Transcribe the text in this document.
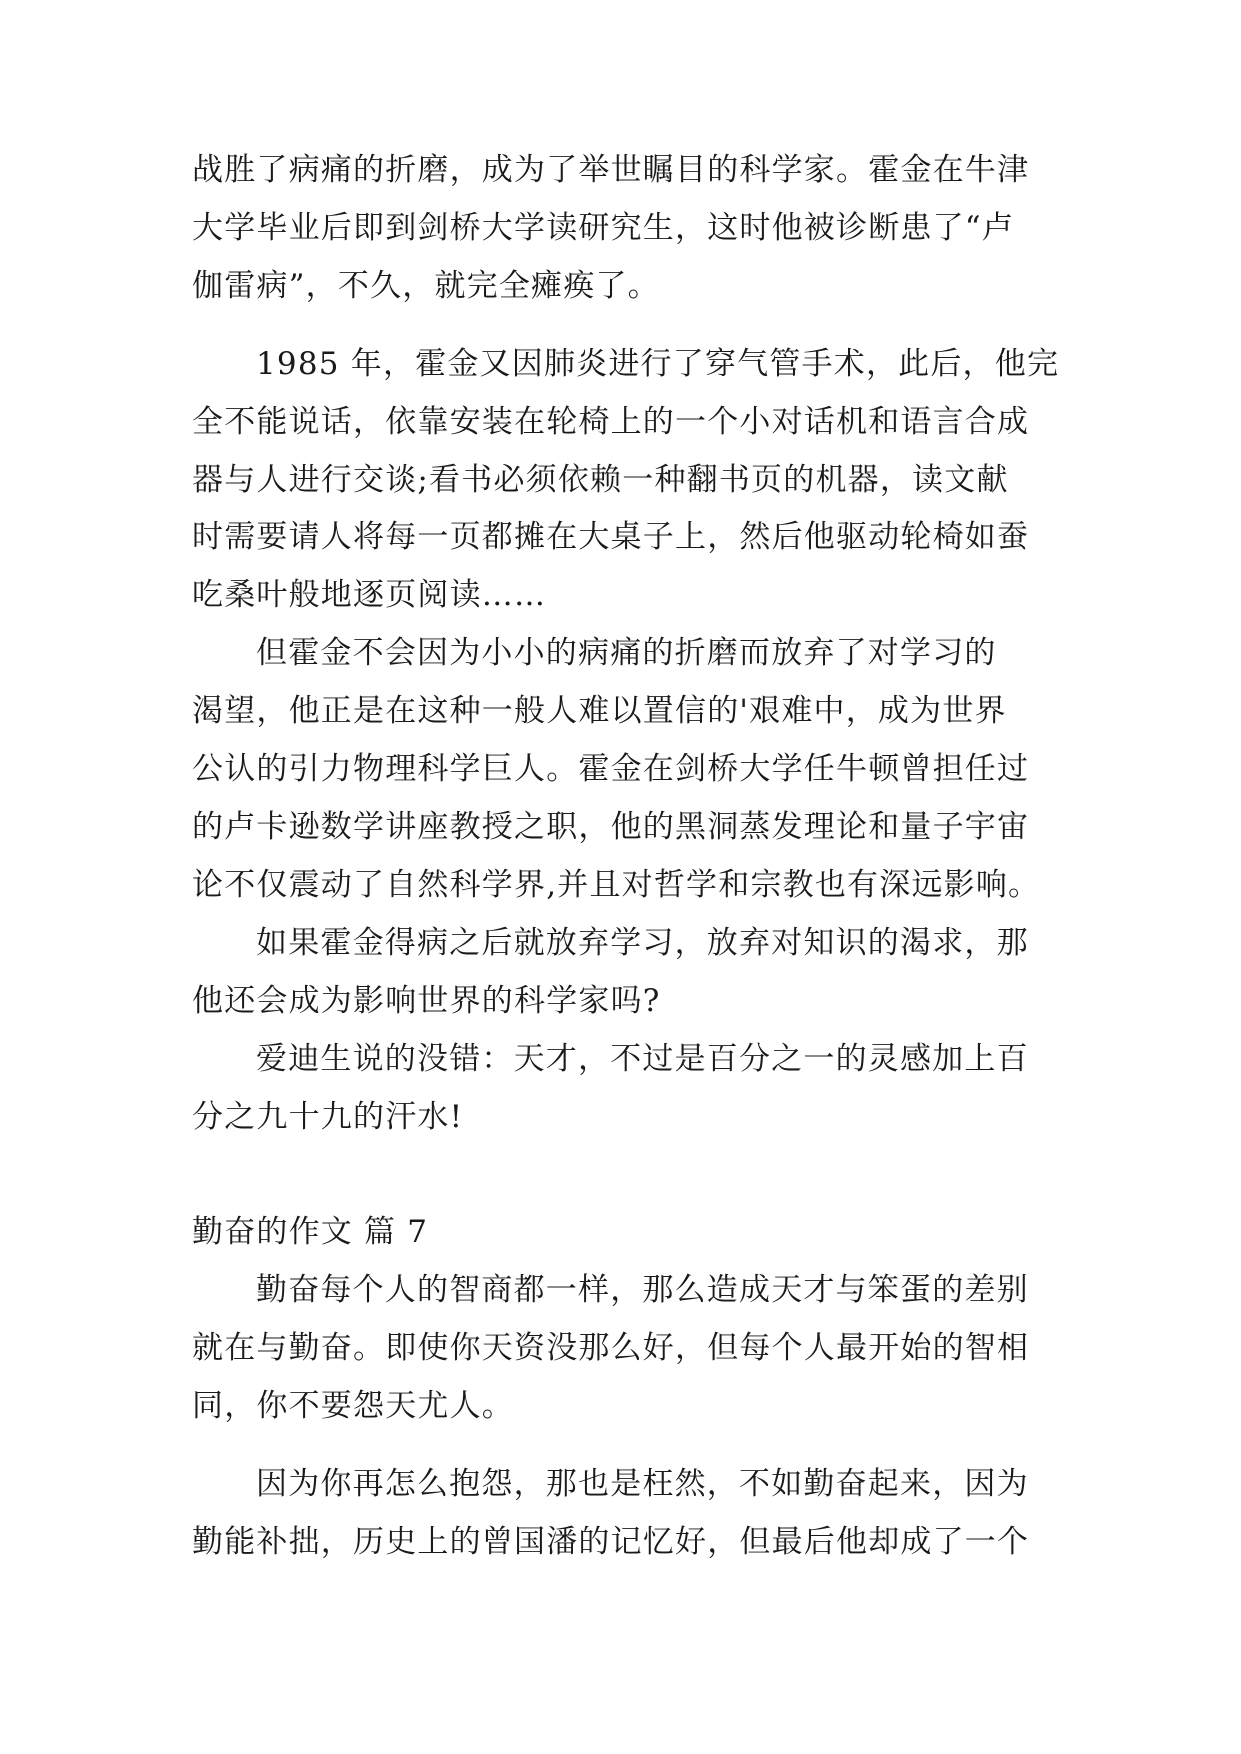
战胜了病痛的折磨，成为了举世瞩目的科学家。霍金在牛津
大学毕业后即到剑桥大学读研究生，这时他被诊断患了“卢
伽雷病”，不久，就完全瘫痪了。
1985 年，霍金又因肺炎进行了穿气管手术，此后，他完
全不能说话，依靠安装在轮椅上的一个小对话机和语言合成
器与人进行交谈;看书必须依赖一种翻书页的机器，读文献
时需要请人将每一页都摊在大桌子上，然后他驱动轮椅如蚕
吃桑叶般地逐页阅读……
但霍金不会因为小小的病痛的折磨而放弃了对学习的
渴望，他正是在这种一般人难以置信的'艰难中，成为世界
公认的引力物理科学巨人。霍金在剑桥大学任牛顿曾担任过
的卢卡逊数学讲座教授之职，他的黑洞蒸发理论和量子宇宙
论不仅震动了自然科学界,并且对哲学和宗教也有深远影响。
如果霍金得病之后就放弃学习，放弃对知识的渴求，那
他还会成为影响世界的科学家吗?
爱迪生说的没错：天才，不过是百分之一的灵感加上百
分之九十九的汗水!
勤奋的作文 篇 7
勤奋每个人的智商都一样，那么造成天才与笨蛋的差别
就在与勤奋。即使你天资没那么好，但每个人最开始的智相
同，你不要怨天尤人。
因为你再怎么抱怨，那也是枉然，不如勤奋起来，因为
勤能补拙，历史上的曾国潘的记忆好，但最后他却成了一个
